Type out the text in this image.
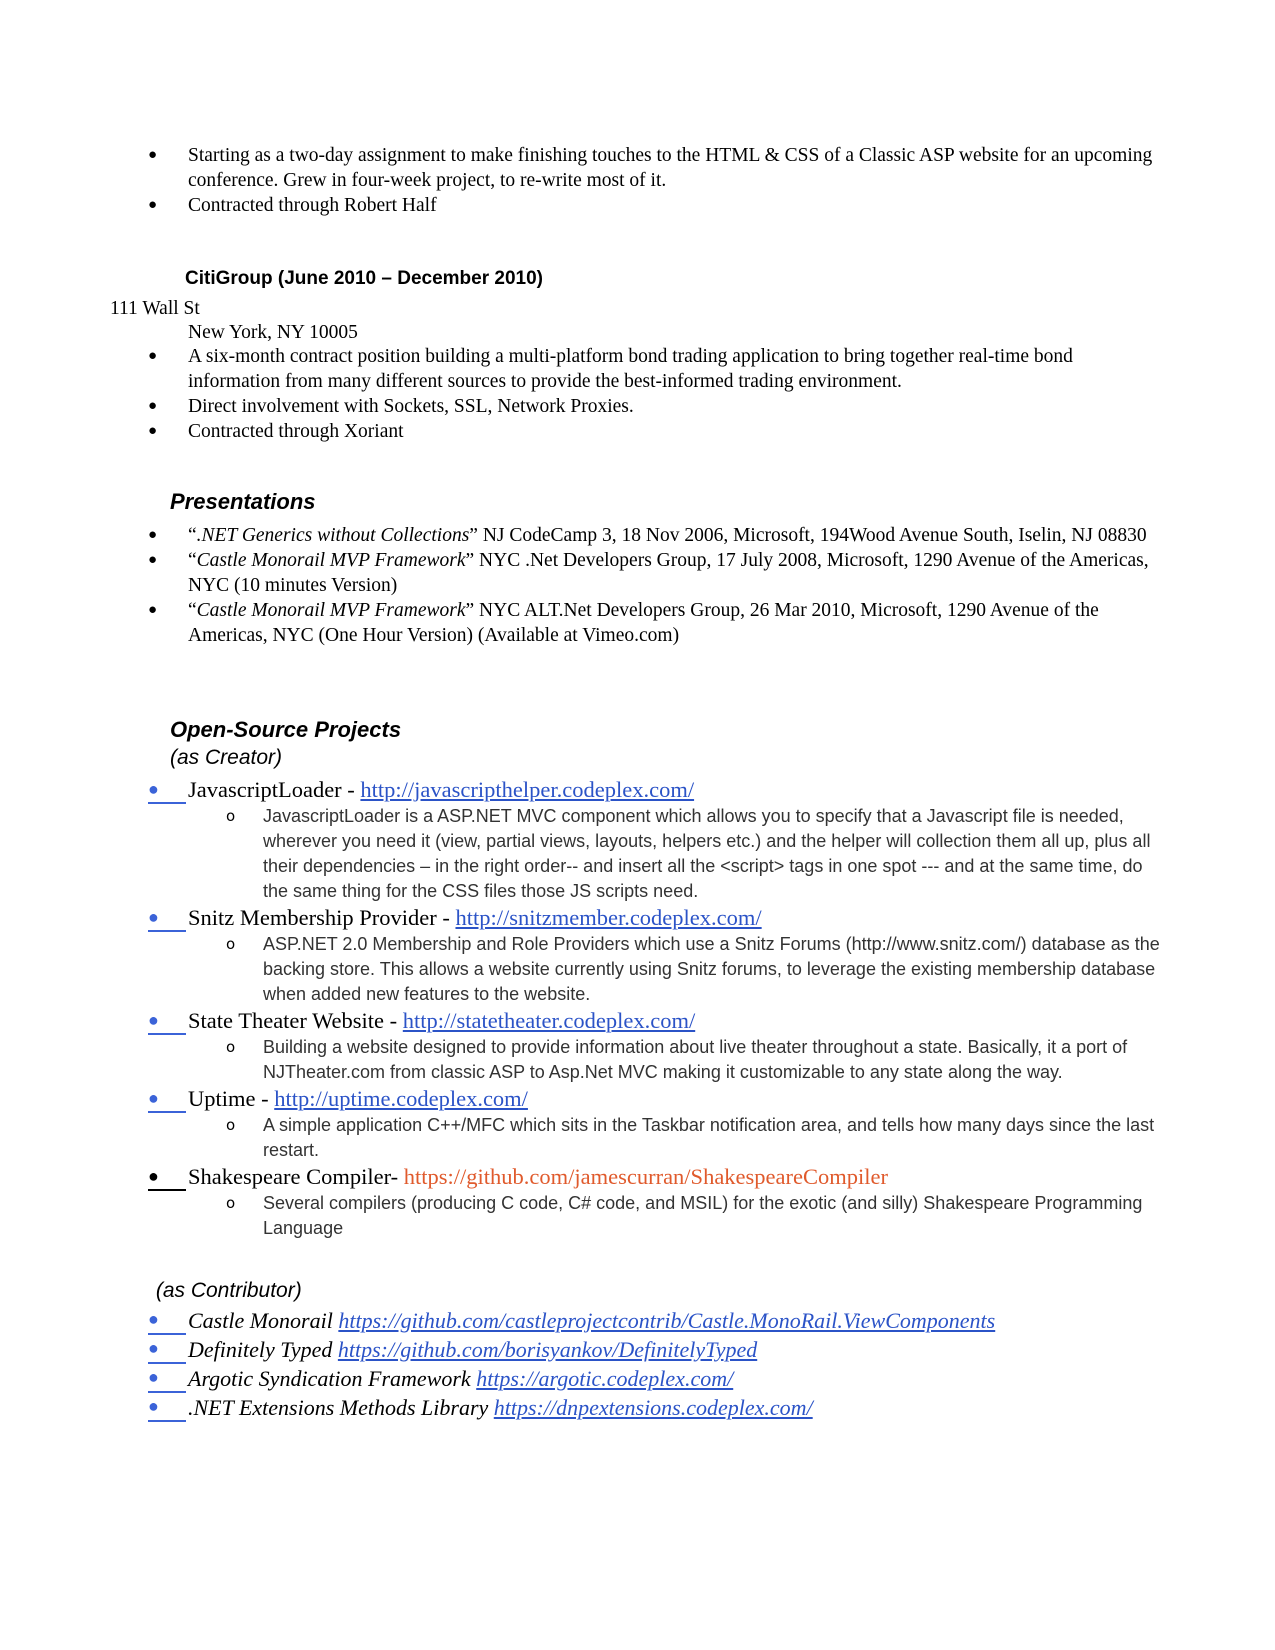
● Starting as a two-day assignment to make finishing touches to the HTML & CSS of a Classic ASP website for an upcoming conference. Grew in four-week project, to re-write most of it.
● Contracted through Robert Half
CitiGroup (June 2010 – December 2010)
111 Wall St
New York, NY 10005
● A six-month contract position building a multi-platform bond trading application to bring together real-time bond information from many different sources to provide the best-informed trading environment.
● Direct involvement with Sockets, SSL, Network Proxies.
● Contracted through Xoriant
Presentations
● “.NET Generics without Collections” NJ CodeCamp 3, 18 Nov 2006, Microsoft, 194Wood Avenue South, Iselin, NJ 08830
● “Castle Monorail MVP Framework” NYC .Net Developers Group, 17 July 2008, Microsoft, 1290 Avenue of the Americas, NYC (10 minutes Version)
● “Castle Monorail MVP Framework” NYC ALT.Net Developers Group, 26 Mar 2010, Microsoft, 1290 Avenue of the Americas, NYC (One Hour Version) (Available at Vimeo.com)
Open-Source Projects
(as Creator)
●	JavascriptLoader - http://javascripthelper.codeplex.com/
o JavascriptLoader is a ASP.NET MVC component which allows you to specify that a Javascript file is needed, wherever you need it (view, partial views, layouts, helpers etc.) and the helper will collection them all up, plus all their dependencies – in the right order-- and insert all the <script> tags in one spot --- and at the same time, do the same thing for the CSS files those JS scripts need.
●	Snitz Membership Provider - http://snitzmember.codeplex.com/
o ASP.NET 2.0 Membership and Role Providers which use a Snitz Forums (http://www.snitz.com/) database as the backing store. This allows a website currently using Snitz forums, to leverage the existing membership database when added new features to the website.
●	State Theater Website - http://statetheater.codeplex.com/
o Building a website designed to provide information about live theater throughout a state. Basically, it a port of NJTheater.com from classic ASP to Asp.Net MVC making it customizable to any state along the way.
●	Uptime - http://uptime.codeplex.com/
o A simple application C++/MFC which sits in the Taskbar notification area, and tells how many days since the last restart.
●	Shakespeare Compiler- https://github.com/jamescurran/ShakespeareCompiler
o Several compilers (producing C code, C# code, and MSIL) for the exotic (and silly) Shakespeare Programming Language
(as Contributor)
●	Castle Monorail https://github.com/castleprojectcontrib/Castle.MonoRail.ViewComponents
●	Definitely Typed https://github.com/borisyankov/DefinitelyTyped
●	Argotic Syndication Framework https://argotic.codeplex.com/
●	.NET Extensions Methods Library https://dnpextensions.codeplex.com/
